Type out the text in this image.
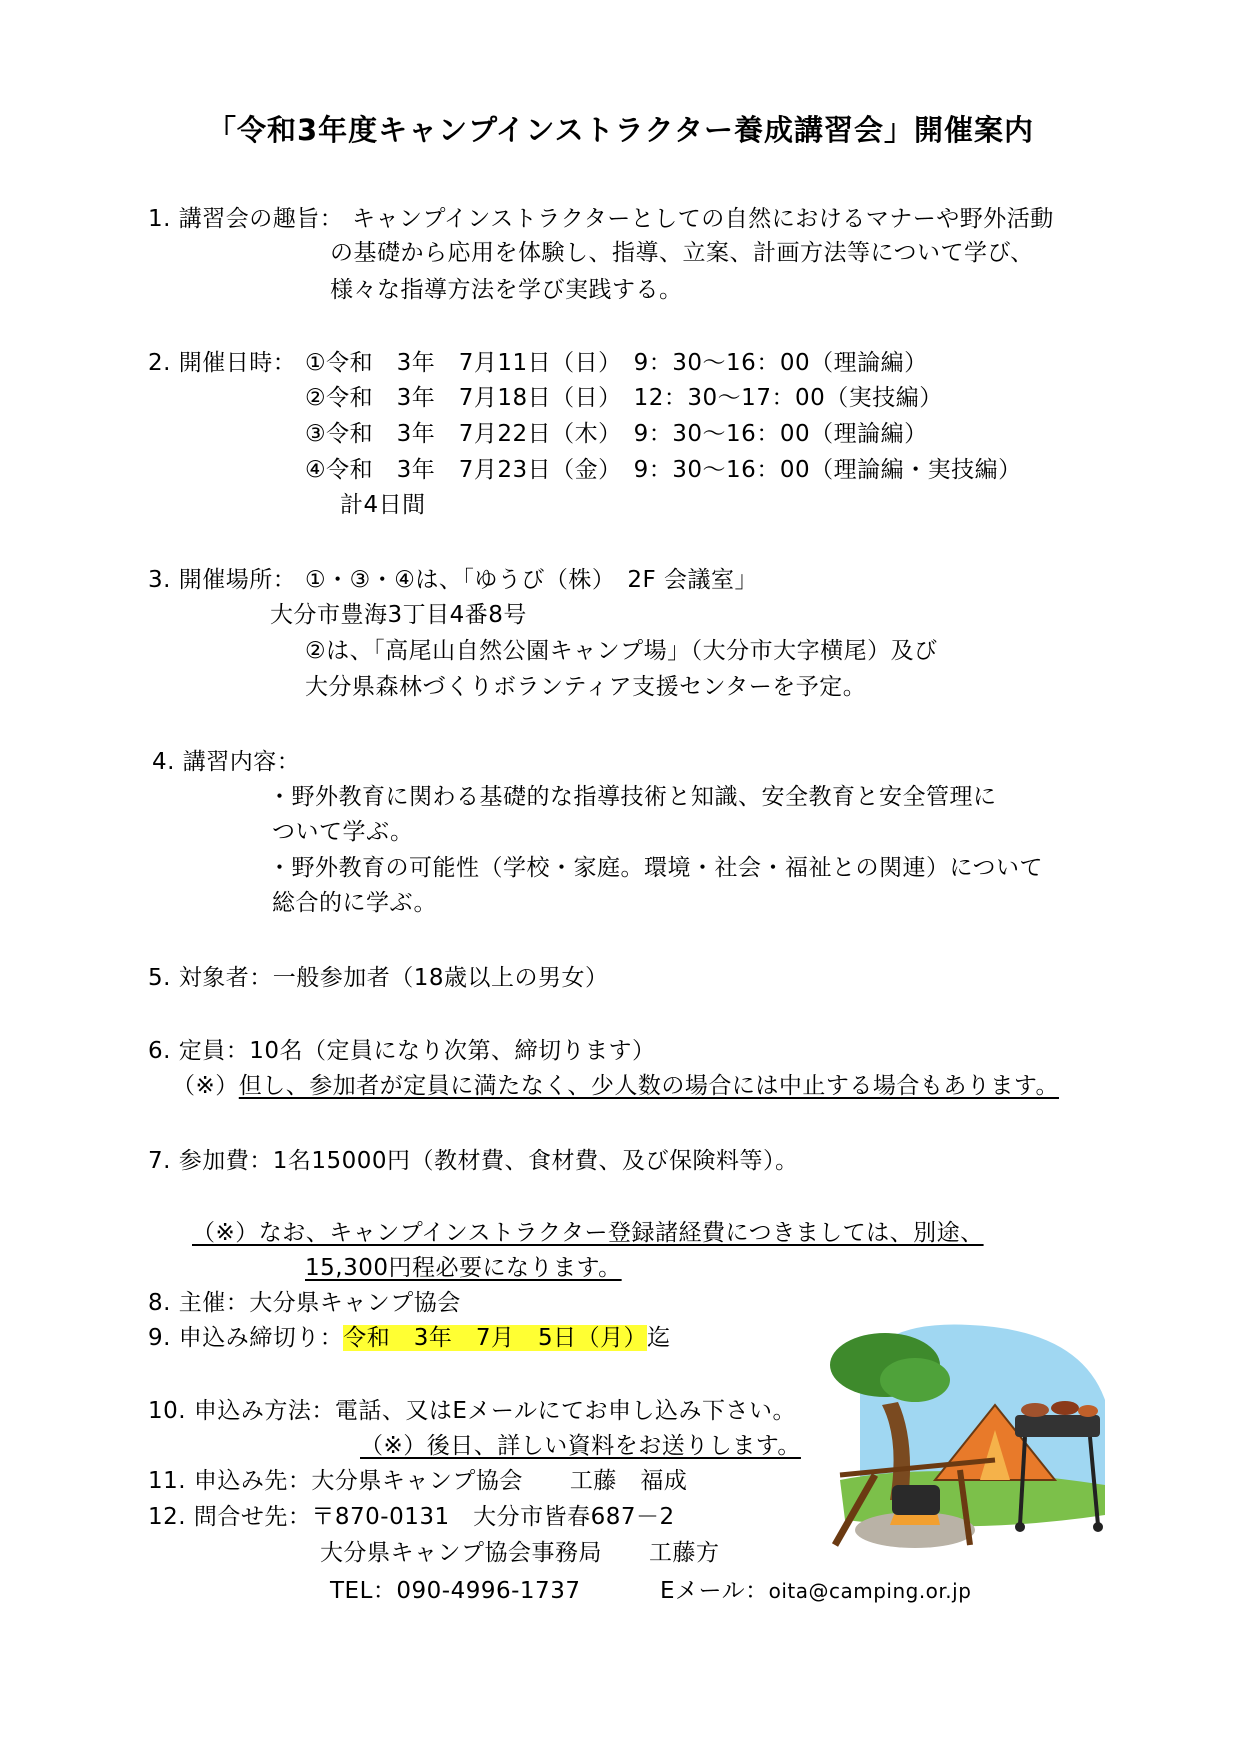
「令和3年度キャンプインストラクター養成講習会」開催案内
1. 講習会の趣旨： キャンプインストラクターとしての自然におけるマナーや野外活動
の基礎から応用を体験し、指導、立案、計画方法等について学び、
様々な指導方法を学び実践する。
2. 開催日時： ①令和　3年　7月11日（日）　9：30～16：00（理論編）
②令和　3年　7月18日（日）　12：30～17：00（実技編）
③令和　3年　7月22日（木）　9：30～16：00（理論編）
④令和　3年　7月23日（金）　9：30～16：00（理論編・実技編）
計4日間
3. 開催場所： ①・③・④は、「ゆうび（株）　2F 会議室」
大分市豊海3丁目4番8号
②は、「高尾山自然公園キャンプ場」（大分市大字横尾）及び
大分県森林づくりボランティア支援センターを予定。
4. 講習内容：
・野外教育に関わる基礎的な指導技術と知識、安全教育と安全管理に
ついて学ぶ。
・野外教育の可能性（学校・家庭。環境・社会・福祉との関連）について
総合的に学ぶ。
5. 対象者：一般参加者（18歳以上の男女）
6. 定員：10名（定員になり次第、締切ります）
（※）但し、参加者が定員に満たなく、少人数の場合には中止する場合もあります。
7. 参加費：1名15000円（教材費、食材費、及び保険料等）。
（※）なお、キャンプインストラクター登録諸経費につきましては、別途、
15,300円程必要になります。
8. 主催：大分県キャンプ協会
9. 申込み締切り：令和　3年　7月　5日（月）迄
10. 申込み方法：電話、又はEメールにてお申し込み下さい。
（※）後日、詳しい資料をお送りします。
11. 申込み先：大分県キャンプ協会　　工藤　福成
12. 問合せ先：〒870-0131　大分市皆春687－2
大分県キャンプ協会事務局　　工藤方
TEL：090-4996-1737	Eメール：oita@camping.or.jp
